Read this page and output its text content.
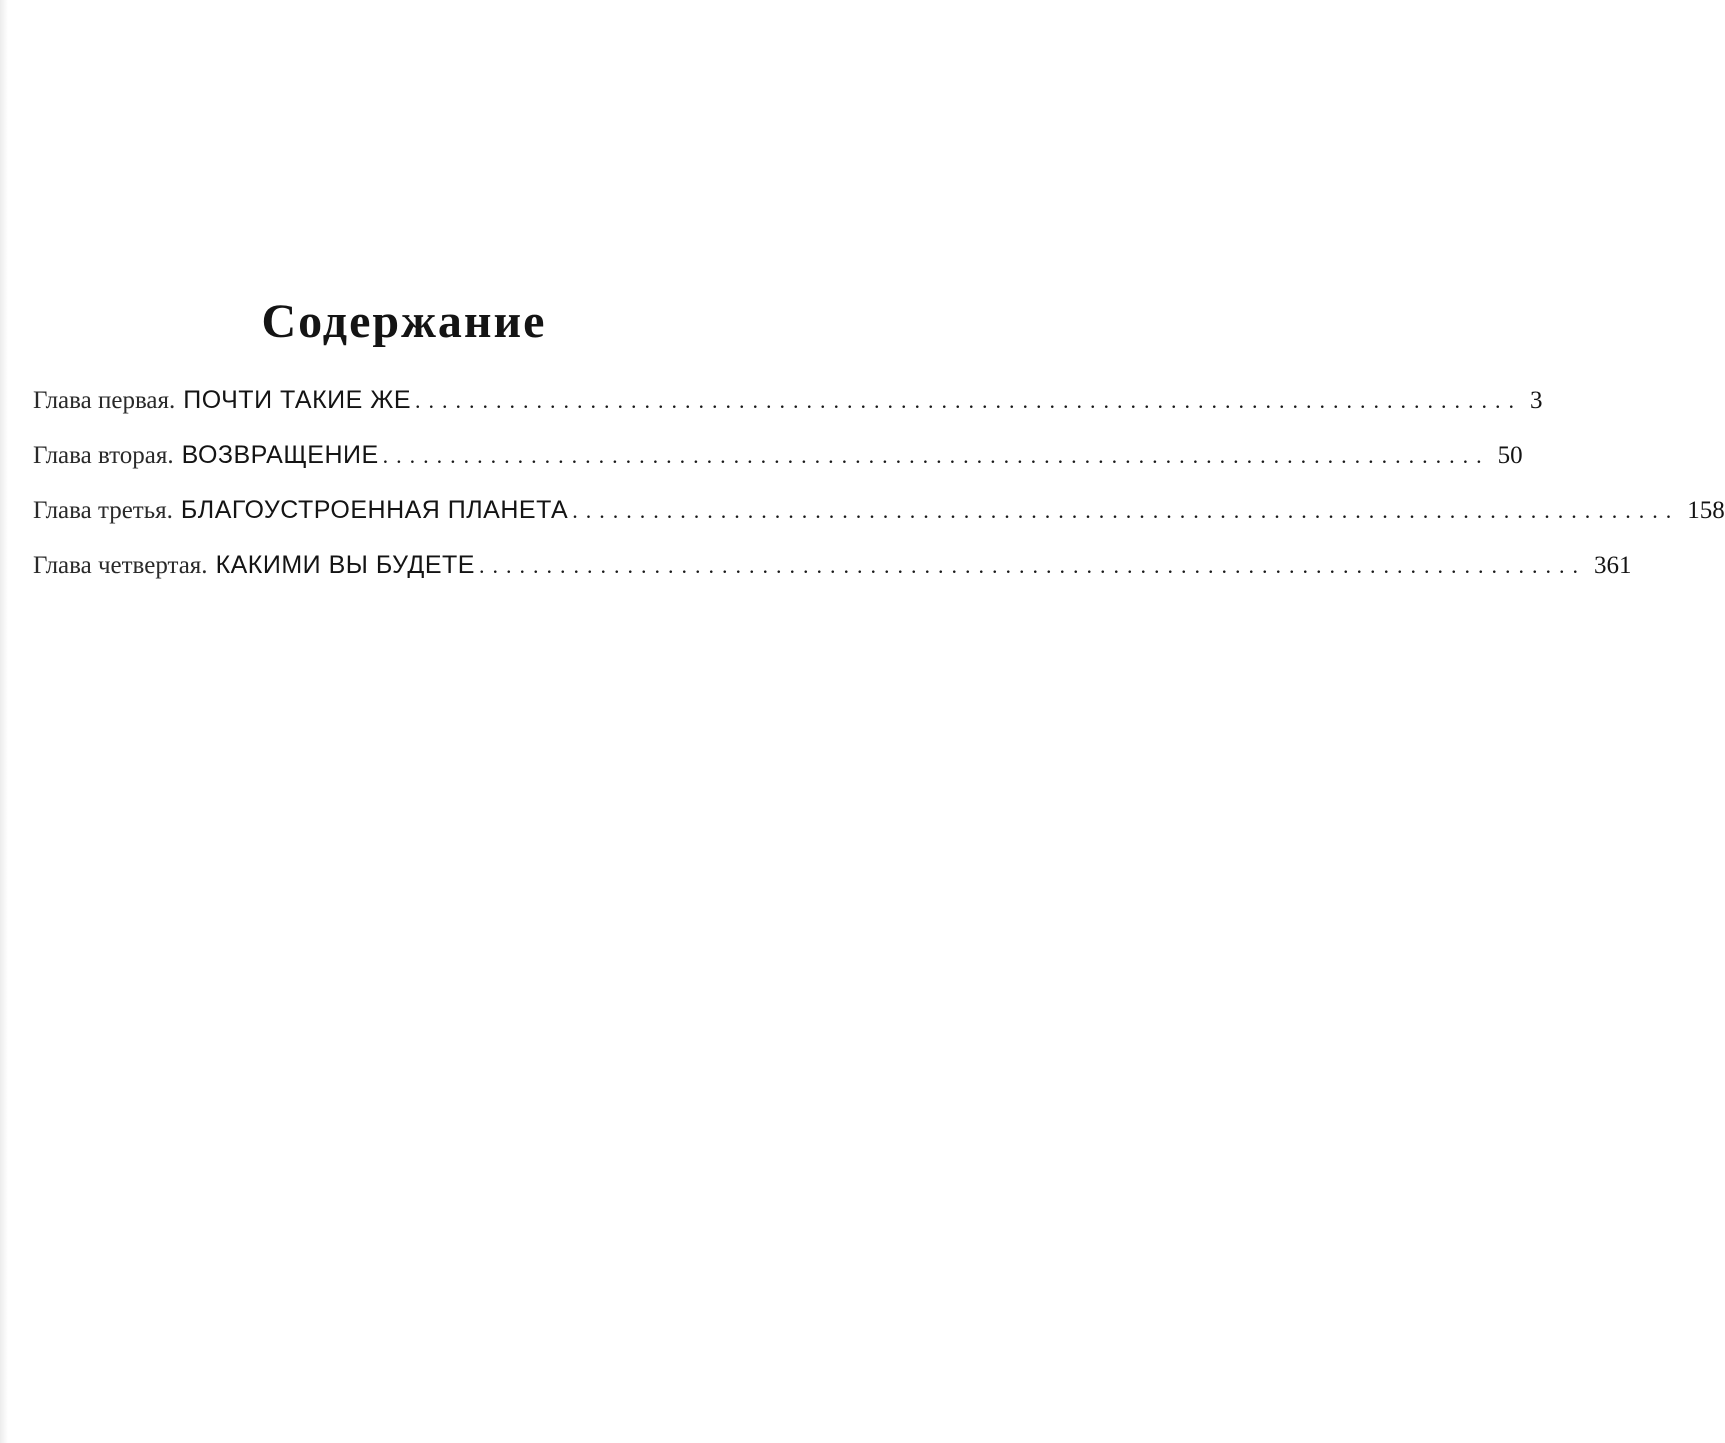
Содержание
Глава первая. ПОЧТИ ТАКИЕ ЖЕ .................................................................................. 3
Глава вторая. ВОЗВРАЩЕНИЕ .................................................................................. 50
Глава третья. БЛАГОУСТРОЕННАЯ ПЛАНЕТА .................................................................................. 158
Глава четвертая. КАКИМИ ВЫ БУДЕТЕ .................................................................................. 361
